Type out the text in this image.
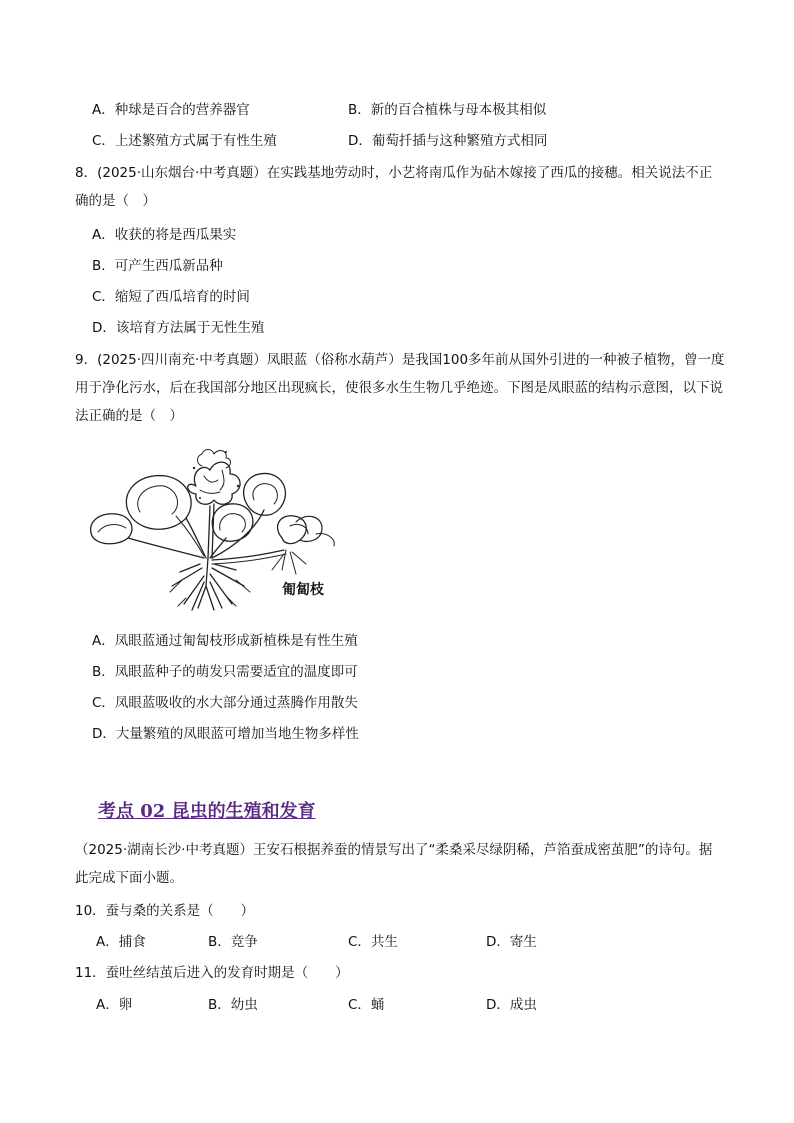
A．种球是百合的营养器官	B．新的百合植株与母本极其相似
C．上述繁殖方式属于有性生殖	D．葡萄扦插与这种繁殖方式相同
8．(2025·山东烟台·中考真题）在实践基地劳动时，小艺将南瓜作为砧木嫁接了西瓜的接穗。相关说法不正确的是（　）
A．收获的将是西瓜果实
B．可产生西瓜新品种
C．缩短了西瓜培育的时间
D．该培育方法属于无性生殖
9．(2025·四川南充·中考真题）凤眼蓝（俗称水葫芦）是我国100多年前从国外引进的一种被子植物，曾一度用于净化污水，后在我国部分地区出现疯长，使很多水生生物几乎绝迹。下图是凤眼蓝的结构示意图，以下说法正确的是（　）
匍匐枝
A．凤眼蓝通过匍匐枝形成新植株是有性生殖
B．凤眼蓝种子的萌发只需要适宜的温度即可
C．凤眼蓝吸收的水大部分通过蒸腾作用散失
D．大量繁殖的凤眼蓝可增加当地生物多样性
考点 02 昆虫的生殖和发育
（2025·湖南长沙·中考真题）王安石根据养蚕的情景写出了“柔桑采尽绿阴稀，芦箔蚕成密茧肥”的诗句。据此完成下面小题。
10．蚕与桑的关系是（　　）
A．捕食	B．竞争	C．共生	D．寄生
11．蚕吐丝结茧后进入的发育时期是（　　）
A．卵	B．幼虫	C．蛹	D．成虫
